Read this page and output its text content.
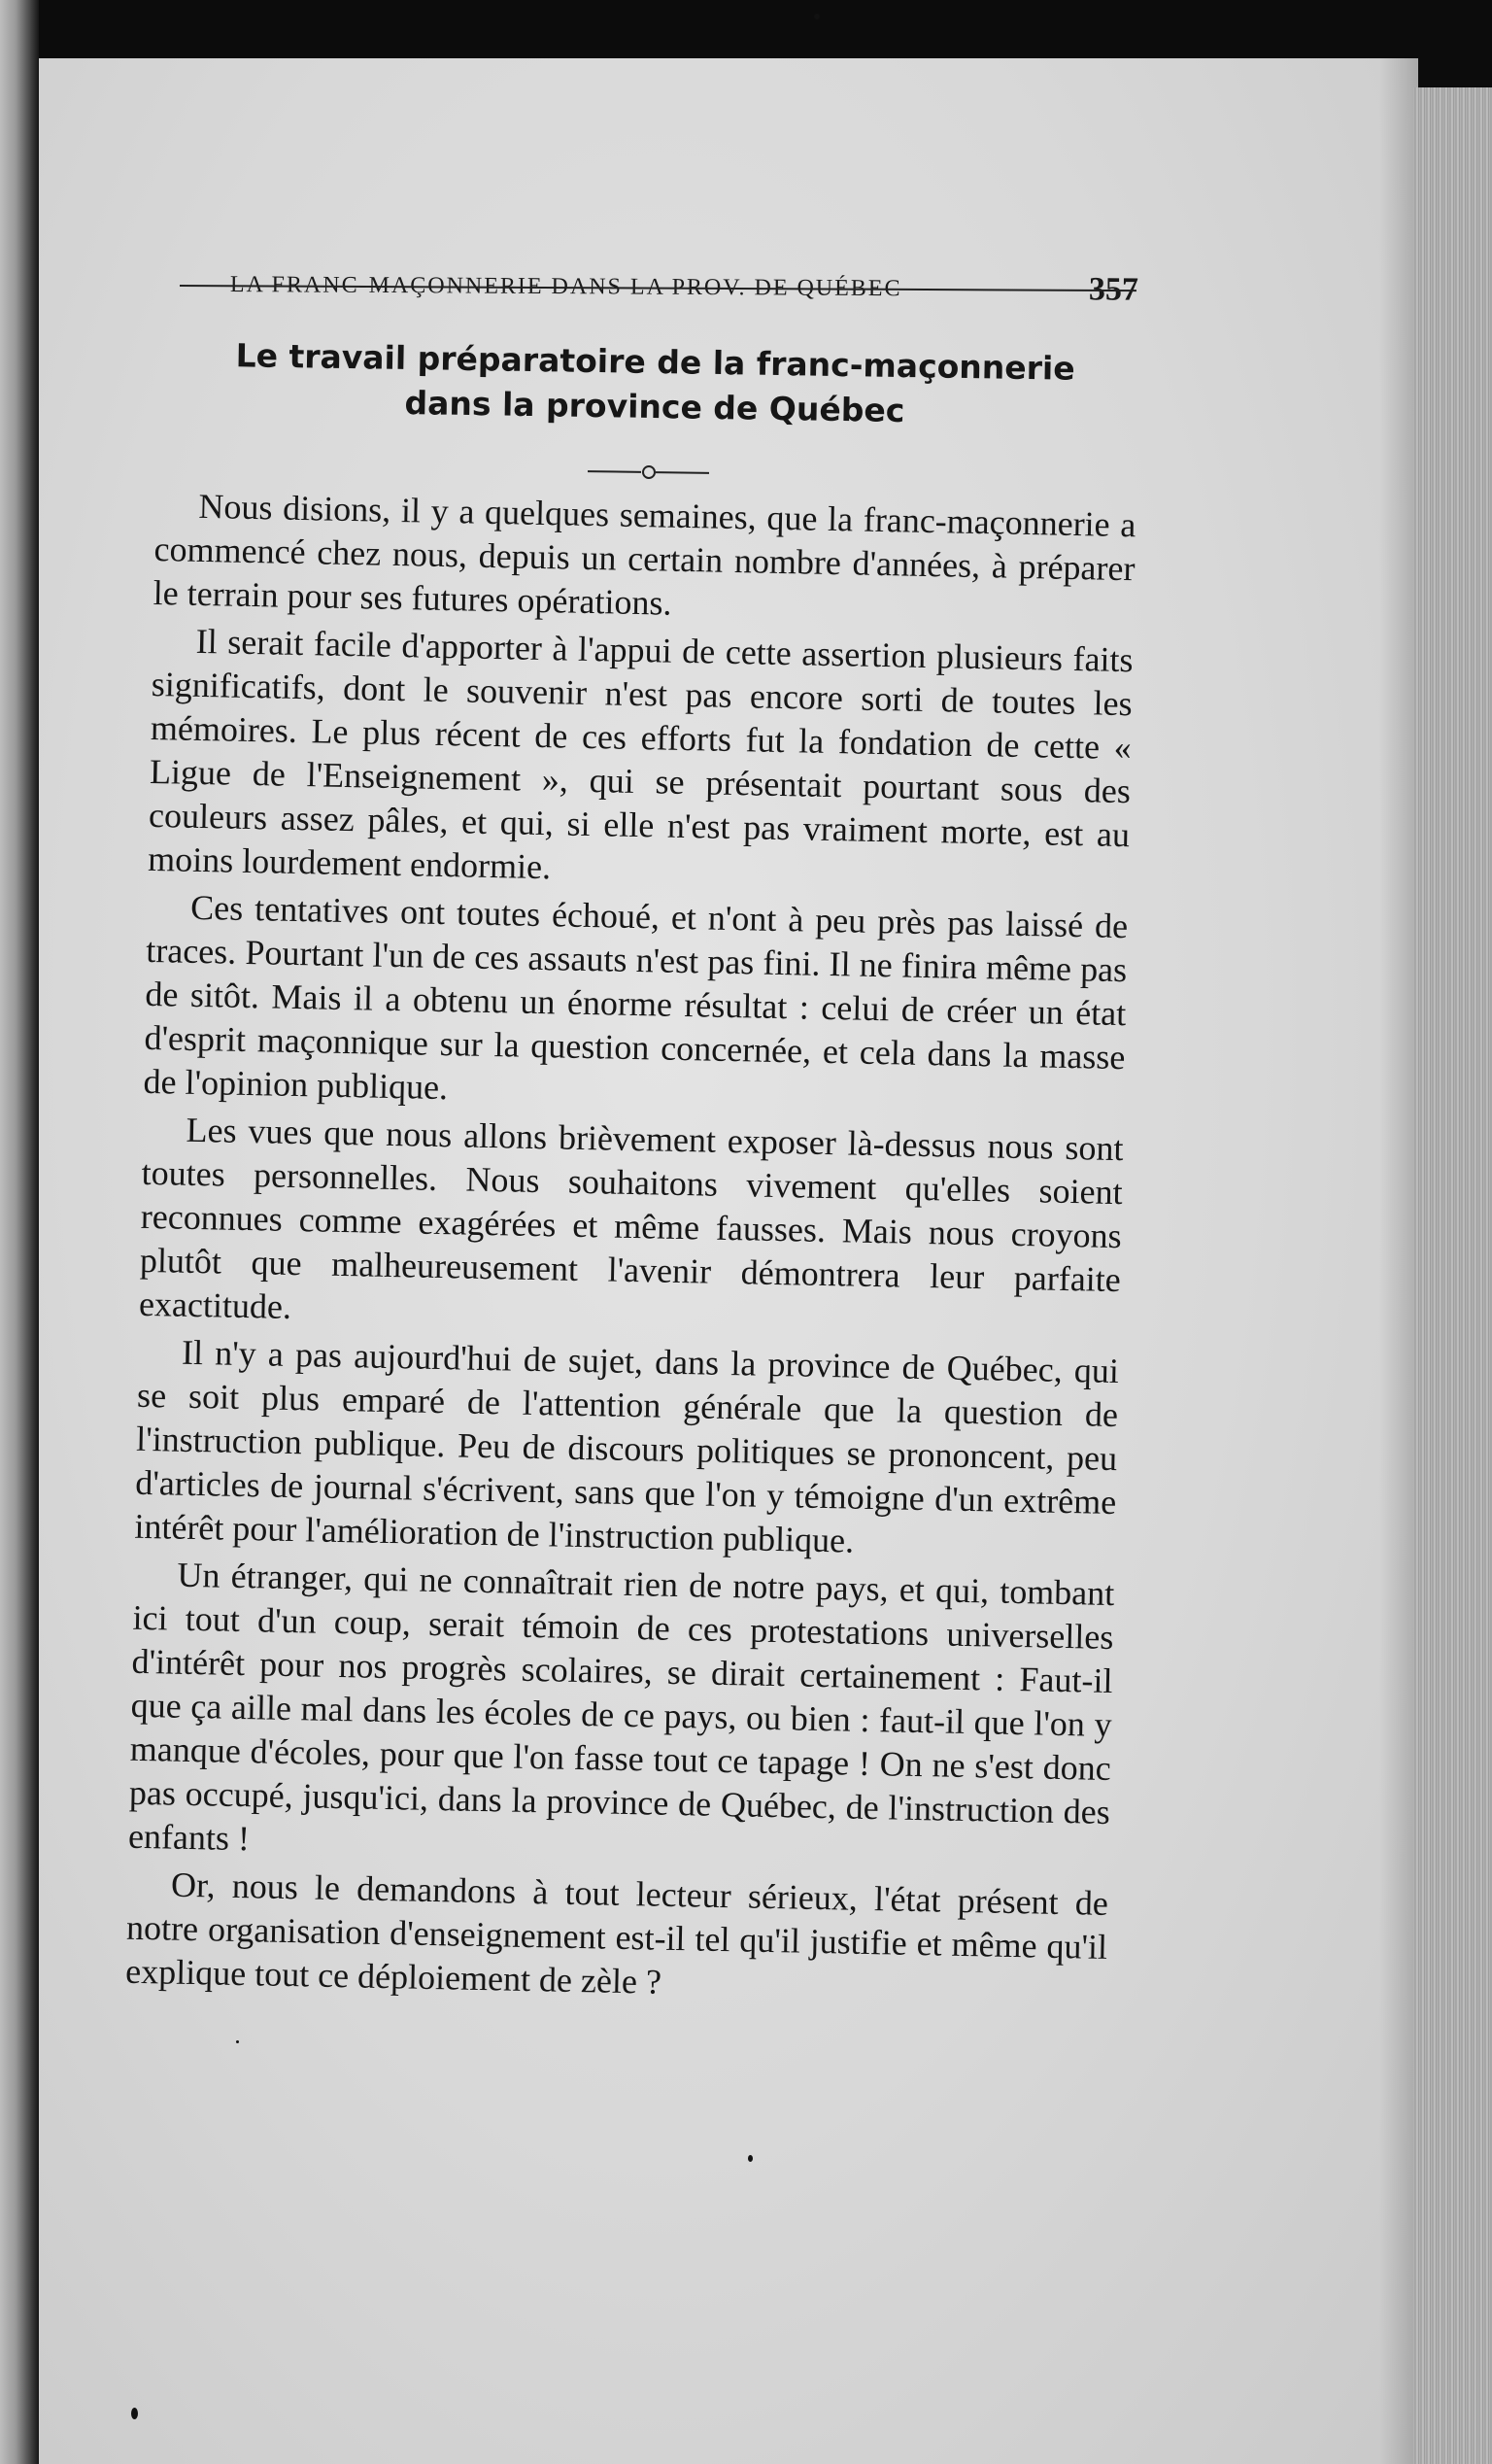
LA FRANC-MAÇONNERIE DANS LA PROV. DE QUÉBEC	357
Le travail préparatoire de la franc-maçonnerie
dans la province de Québec

Nous disions, il y a quelques semaines, que la franc-maçonnerie a commencé chez nous, depuis un certain nombre d'années, à préparer le terrain pour ses futures opérations.

Il serait facile d'apporter à l'appui de cette assertion plusieurs faits significatifs, dont le souvenir n'est pas encore sorti de toutes les mémoires. Le plus récent de ces efforts fut la fondation de cette « Ligue de l'Enseignement », qui se présentait pourtant sous des couleurs assez pâles, et qui, si elle n'est pas vraiment morte, est au moins lourdement endormie.

Ces tentatives ont toutes échoué, et n'ont à peu près pas laissé de traces. Pourtant l'un de ces assauts n'est pas fini. Il ne finira même pas de sitôt. Mais il a obtenu un énorme résultat : celui de créer un état d'esprit maçonnique sur la question concernée, et cela dans la masse de l'opinion publique.

Les vues que nous allons brièvement exposer là-dessus nous sont toutes personnelles. Nous souhaitons vivement qu'elles soient reconnues comme exagérées et même fausses. Mais nous croyons plutôt que malheureusement l'avenir démontrera leur parfaite exactitude.

Il n'y a pas aujourd'hui de sujet, dans la province de Québec, qui se soit plus emparé de l'attention générale que la question de l'instruction publique. Peu de discours politiques se prononcent, peu d'articles de journal s'écrivent, sans que l'on y témoigne d'un extrême intérêt pour l'amélioration de l'instruction publique.

Un étranger, qui ne connaîtrait rien de notre pays, et qui, tombant ici tout d'un coup, serait témoin de ces protestations universelles d'intérêt pour nos progrès scolaires, se dirait certainement : Faut-il que ça aille mal dans les écoles de ce pays, ou bien : faut-il que l'on y manque d'écoles, pour que l'on fasse tout ce tapage ! On ne s'est donc pas occupé, jusqu'ici, dans la province de Québec, de l'instruction des enfants !

Or, nous le demandons à tout lecteur sérieux, l'état présent de notre organisation d'enseignement est-il tel qu'il justifie et même qu'il explique tout ce déploiement de zèle ?
